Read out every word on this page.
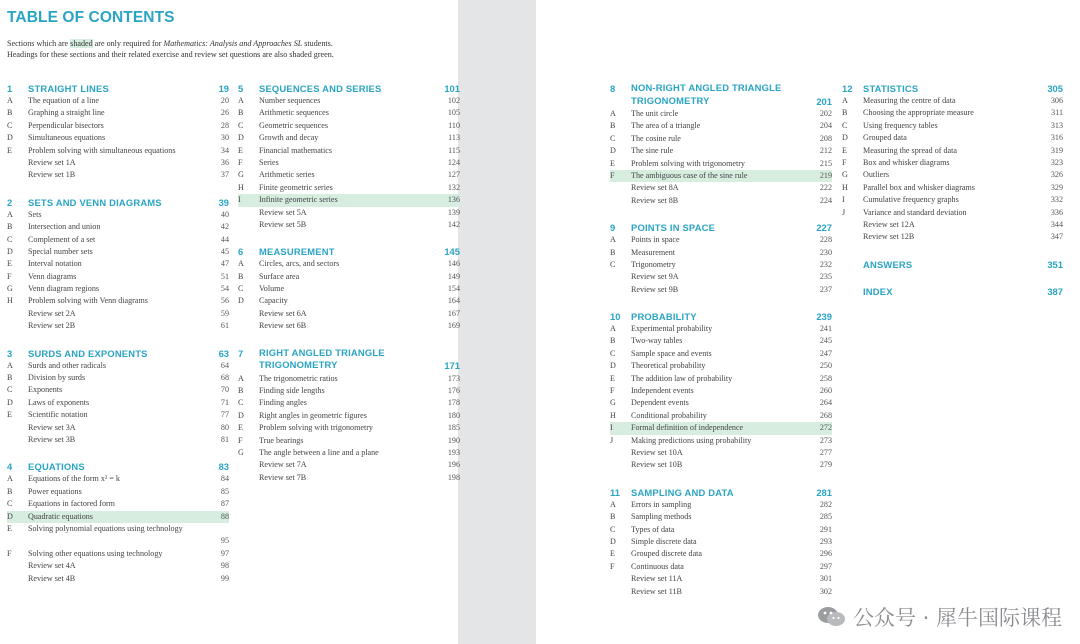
TABLE OF CONTENTS
Sections which are shaded are only required for Mathematics: Analysis and Approaches SL students.
Headings for these sections and their related exercise and review set questions are also shaded green.
1	STRAIGHT LINES	19
A	The equation of a line	20
B	Graphing a straight line	26
C	Perpendicular bisectors	28
D	Simultaneous equations	30
E	Problem solving with simultaneous equations	34
Review set 1A	36
Review set 1B	37
2	SETS AND VENN DIAGRAMS	39
A	Sets	40
B	Intersection and union	42
C	Complement of a set	44
D	Special number sets	45
E	Interval notation	47
F	Venn diagrams	51
G	Venn diagram regions	54
H	Problem solving with Venn diagrams	56
Review set 2A	59
Review set 2B	61
3	SURDS AND EXPONENTS	63
A	Surds and other radicals	64
B	Division by surds	68
C	Exponents	70
D	Laws of exponents	71
E	Scientific notation	77
Review set 3A	80
Review set 3B	81
4	EQUATIONS	83
A	Equations of the form x² = k	84
B	Power equations	85
C	Equations in factored form	87
D	Quadratic equations	88
E	Solving polynomial equations using technology
95
F	Solving other equations using technology	97
Review set 4A	98
Review set 4B	99
5	SEQUENCES AND SERIES	101
A	Number sequences	102
B	Arithmetic sequences	105
C	Geometric sequences	110
D	Growth and decay	113
E	Financial mathematics	115
F	Series	124
G	Arithmetic series	127
H	Finite geometric series	132
I	Infinite geometric series	136
Review set 5A	139
Review set 5B	142
6	MEASUREMENT	145
A	Circles, arcs, and sectors	146
B	Surface area	149
C	Volume	154
D	Capacity	164
Review set 6A	167
Review set 6B	169
7	RIGHT ANGLED TRIANGLE TRIGONOMETRY	171
A	The trigonometric ratios	173
B	Finding side lengths	176
C	Finding angles	178
D	Right angles in geometric figures	180
E	Problem solving with trigonometry	185
F	True bearings	190
G	The angle between a line and a plane	193
Review set 7A	196
Review set 7B	198
8	NON-RIGHT ANGLED TRIANGLE TRIGONOMETRY	201
A	The unit circle	202
B	The area of a triangle	204
C	The cosine rule	208
D	The sine rule	212
E	Problem solving with trigonometry	215
F	The ambiguous case of the sine rule	219
Review set 8A	222
Review set 8B	224
9	POINTS IN SPACE	227
A	Points in space	228
B	Measurement	230
C	Trigonometry	232
Review set 9A	235
Review set 9B	237
10	PROBABILITY	239
A	Experimental probability	241
B	Two-way tables	245
C	Sample space and events	247
D	Theoretical probability	250
E	The addition law of probability	258
F	Independent events	260
G	Dependent events	264
H	Conditional probability	268
I	Formal definition of independence	272
J	Making predictions using probability	273
Review set 10A	277
Review set 10B	279
11	SAMPLING AND DATA	281
A	Errors in sampling	282
B	Sampling methods	285
C	Types of data	291
D	Simple discrete data	293
E	Grouped discrete data	296
F	Continuous data	297
Review set 11A	301
Review set 11B	302
12	STATISTICS	305
A	Measuring the centre of data	306
B	Choosing the appropriate measure	311
C	Using frequency tables	313
D	Grouped data	316
E	Measuring the spread of data	319
F	Box and whisker diagrams	323
G	Outliers	326
H	Parallel box and whisker diagrams	329
I	Cumulative frequency graphs	332
J	Variance and standard deviation	336
Review set 12A	344
Review set 12B	347
ANSWERS	351
INDEX	387
公众号 · 犀牛国际课程
